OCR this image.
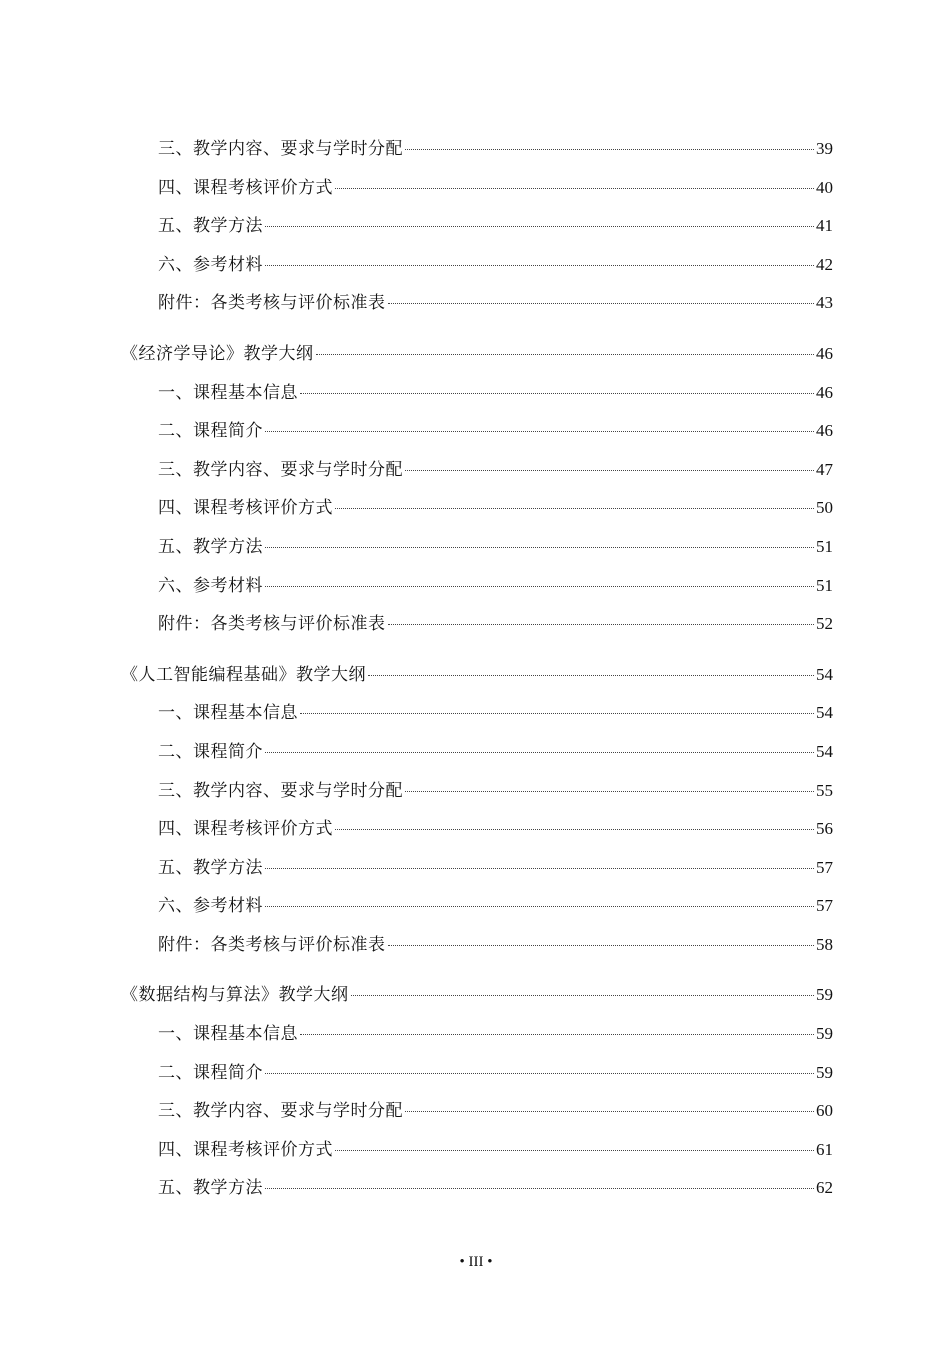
三、教学内容、要求与学时分配	39
四、课程考核评价方式	40
五、教学方法	41
六、参考材料	42
附件：各类考核与评价标准表	43
《经济学导论》教学大纲	46
一、课程基本信息	46
二、课程简介	46
三、教学内容、要求与学时分配	47
四、课程考核评价方式	50
五、教学方法	51
六、参考材料	51
附件：各类考核与评价标准表	52
《人工智能编程基础》教学大纲	54
一、课程基本信息	54
二、课程简介	54
三、教学内容、要求与学时分配	55
四、课程考核评价方式	56
五、教学方法	57
六、参考材料	57
附件：各类考核与评价标准表	58
《数据结构与算法》教学大纲	59
一、课程基本信息	59
二、课程简介	59
三、教学内容、要求与学时分配	60
四、课程考核评价方式	61
五、教学方法	62
• III •
